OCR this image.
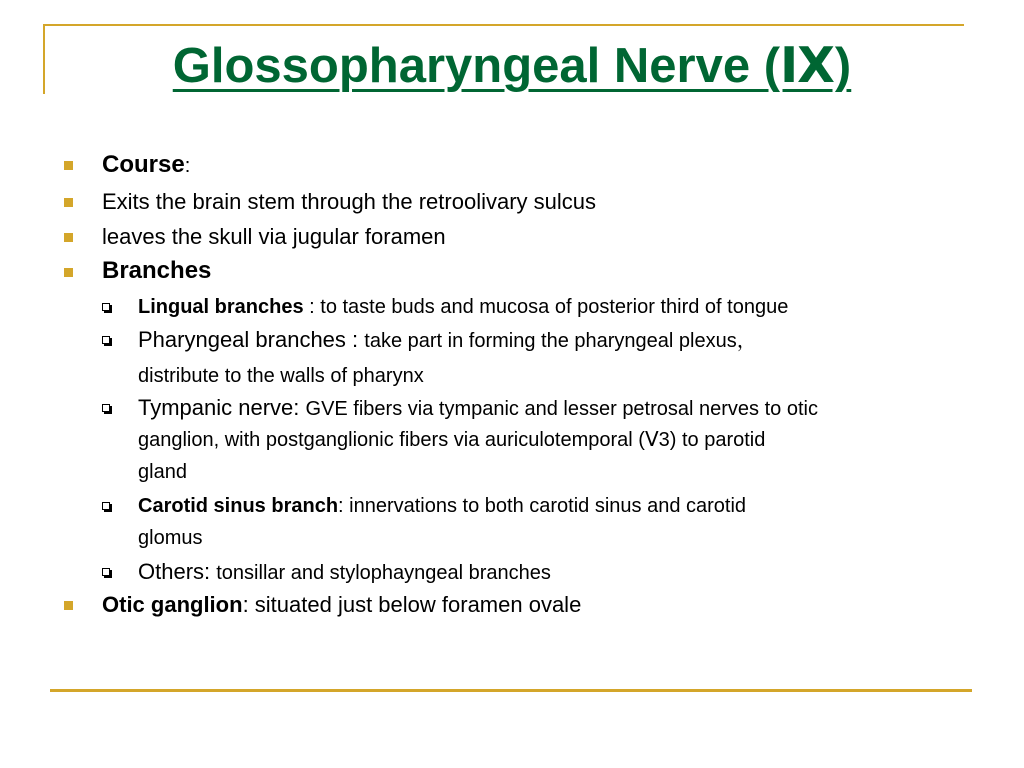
Glossopharyngeal Nerve (Ⅸ)
Course:
Exits the brain stem through the retroolivary sulcus
leaves the skull via jugular foramen
Branches
Lingual branches : to taste buds and mucosa of posterior third of tongue
Pharyngeal branches : take part in forming the pharyngeal plexus，
distribute to the walls of pharynx
Tympanic nerve: GVE fibers via tympanic and lesser petrosal nerves to otic
ganglion, with postganglionic fibers via auriculotemporal (Ⅴ3) to parotid
gland
Carotid sinus branch: innervations to both carotid sinus and carotid
glomus
Others: tonsillar and stylophayngeal branches
Otic ganglion: situated just below foramen ovale
